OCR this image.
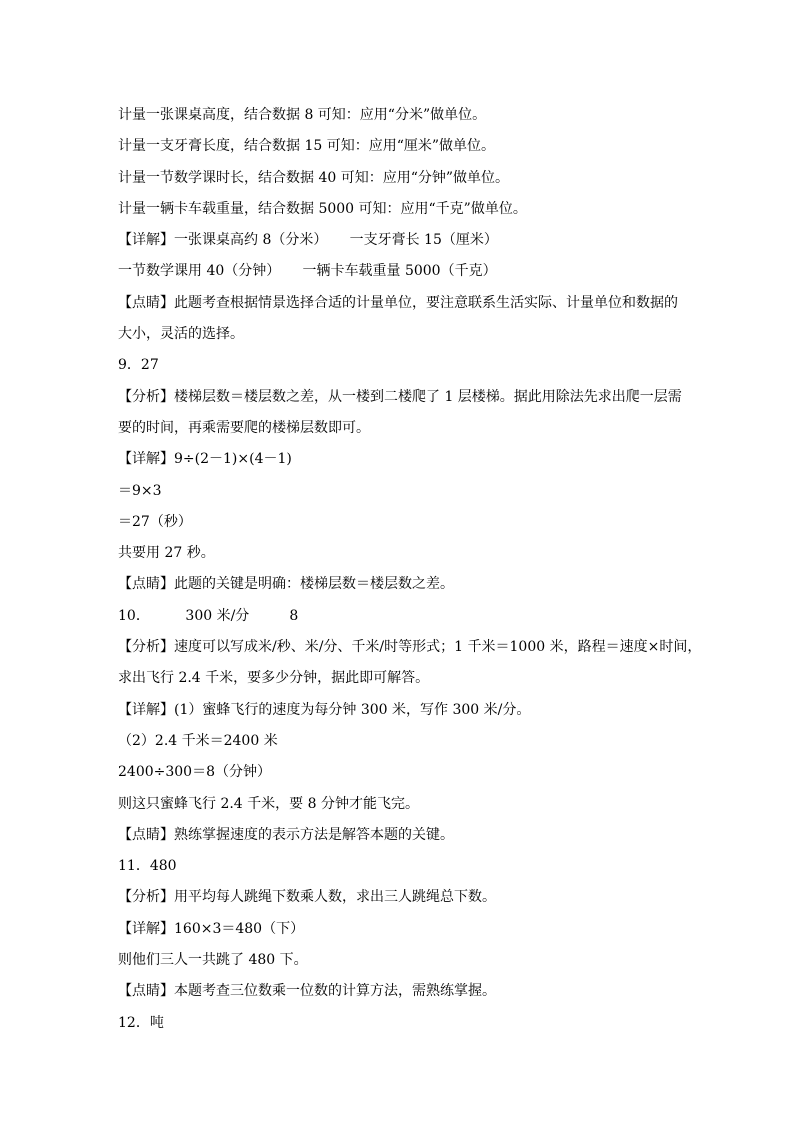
计量一张课桌高度，结合数据 8 可知：应用“分米”做单位。
计量一支牙膏长度，结合数据 15 可知：应用“厘米”做单位。
计量一节数学课时长，结合数据 40 可知：应用“分钟”做单位。
计量一辆卡车载重量，结合数据 5000 可知：应用“千克”做单位。
【详解】一张课桌高约 8（分米）     一支牙膏长 15（厘米）
一节数学课用 40（分钟）     一辆卡车载重量 5000（千克）
【点睛】此题考查根据情景选择合适的计量单位，要注意联系生活实际、计量单位和数据的
大小，灵活的选择。
9．27
【分析】楼梯层数＝楼层数之差，从一楼到二楼爬了 1 层楼梯。据此用除法先求出爬一层需
要的时间，再乘需要爬的楼梯层数即可。
【详解】9÷(2－1)×(4－1)
＝9×3
＝27（秒）
共要用 27 秒。
【点睛】此题的关键是明确：楼梯层数＝楼层数之差。
10．        300 米/分         8
【分析】速度可以写成米/秒、米/分、千米/时等形式；1 千米＝1000 米，路程＝速度×时间，
求出飞行 2.4 千米，要多少分钟，据此即可解答。
【详解】(1）蜜蜂飞行的速度为每分钟 300 米，写作 300 米/分。
（2）2.4 千米＝2400 米
2400÷300＝8（分钟）
则这只蜜蜂飞行 2.4 千米，要 8 分钟才能飞完。
【点睛】熟练掌握速度的表示方法是解答本题的关键。
11．480
【分析】用平均每人跳绳下数乘人数，求出三人跳绳总下数。
【详解】160×3＝480（下）
则他们三人一共跳了 480 下。
【点睛】本题考查三位数乘一位数的计算方法，需熟练掌握。
12．吨
